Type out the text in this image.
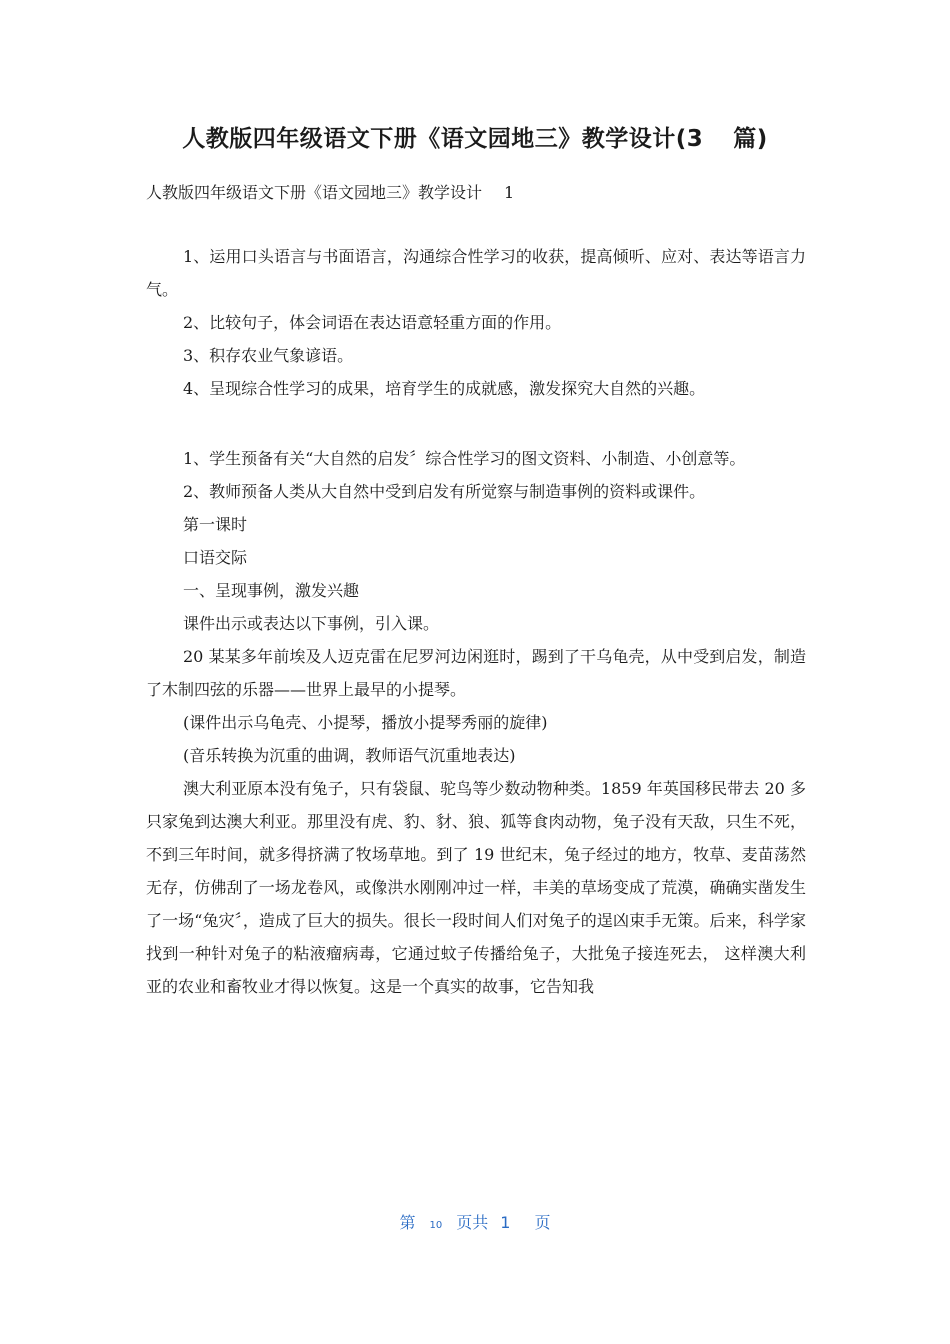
人教版四年级语文下册《语文园地三》教学设计(3 篇)
人教版四年级语文下册《语文园地三》教学设计 1

1、运用口头语言与书面语言，沟通综合性学习的收获，提高倾听、应对、表达等语言力气。

2、比较句子，体会词语在表达语意轻重方面的作用。

3、积存农业气象谚语。

4、呈现综合性学习的成果，培育学生的成就感，激发探究大自然的兴趣。

1、学生预备有关“大自然的启发〞综合性学习的图文资料、小制造、小创意等。

2、教师预备人类从大自然中受到启发有所觉察与制造事例的资料或课件。

第一课时

口语交际

一、呈现事例，激发兴趣

课件出示或表达以下事例，引入课。

20 某某多年前埃及人迈克雷在尼罗河边闲逛时，踢到了干乌龟壳，从中受到启发，制造了木制四弦的乐器——世界上最早的小提琴。

(课件出示乌龟壳、小提琴，播放小提琴秀丽的旋律)

(音乐转换为沉重的曲调，教师语气沉重地表达)

澳大利亚原本没有兔子，只有袋鼠、驼鸟等少数动物种类。1859 年英国移民带去 20 多只家兔到达澳大利亚。那里没有虎、豹、豺、狼、狐等食肉动物，兔子没有天敌，只生不死，不到三年时间，就多得挤满了牧场草地。到了 19 世纪末，兔子经过的地方，牧草、麦苗荡然无存，仿佛刮了一场龙卷风，或像洪水刚刚冲过一样，丰美的草场变成了荒漠，确确实凿发生了一场“兔灾〞，造成了巨大的损失。很长一段时间人们对兔子的逞凶束手无策。后来，科学家找到一种针对兔子的粘液瘤病毒，它通过蚊子传播给兔子，大批兔子接连死去， 这样澳大利亚的农业和畜牧业才得以恢复。这是一个真实的故事，它告知我

第 10 页共 1 页
